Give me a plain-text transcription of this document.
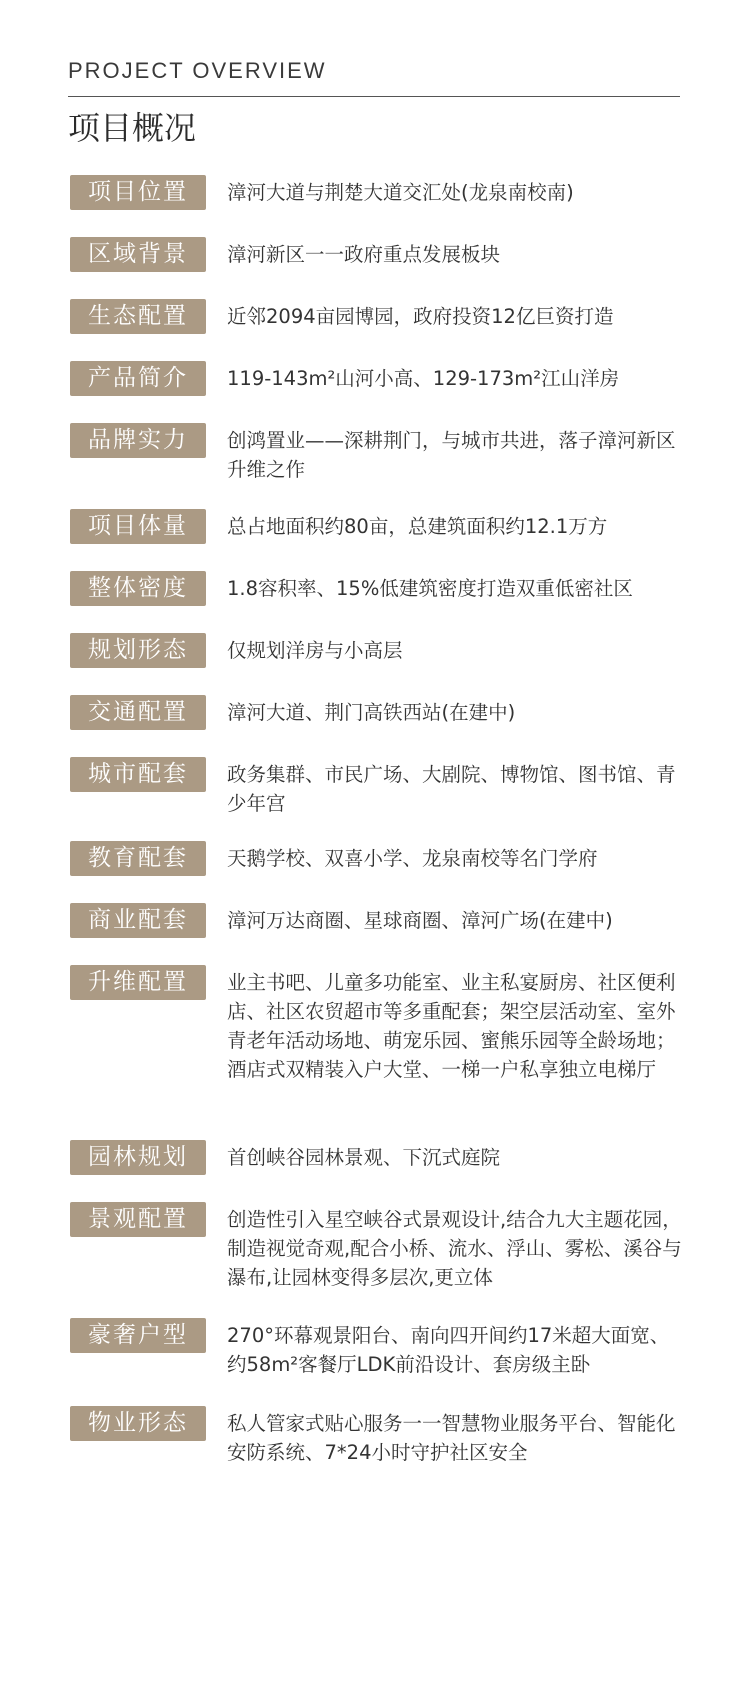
PROJECT OVERVIEW
项目概况
项目位置	漳河大道与荆楚大道交汇处(龙泉南校南)
区域背景	漳河新区一一政府重点发展板块
生态配置	近邻2094亩园博园，政府投资12亿巨资打造
产品简介	119-143m²山河小高、129-173m²江山洋房
品牌实力	创鸿置业——深耕荆门，与城市共进，落子漳河新区升维之作
项目体量	总占地面积约80亩，总建筑面积约12.1万方
整体密度	1.8容积率、15%低建筑密度打造双重低密社区
规划形态	仅规划洋房与小高层
交通配置	漳河大道、荆门高铁西站(在建中)
城市配套	政务集群、市民广场、大剧院、博物馆、图书馆、青少年宫
教育配套	天鹅学校、双喜小学、龙泉南校等名门学府
商业配套	漳河万达商圈、星球商圈、漳河广场(在建中)
升维配置	业主书吧、儿童多功能室、业主私宴厨房、社区便利店、社区农贸超市等多重配套；架空层活动室、室外青老年活动场地、萌宠乐园、蜜熊乐园等全龄场地；酒店式双精装入户大堂、一梯一户私享独立电梯厅
园林规划	首创峡谷园林景观、下沉式庭院
景观配置	创造性引入星空峡谷式景观设计,结合九大主题花园，制造视觉奇观,配合小桥、流水、浮山、雾松、溪谷与瀑布,让园林变得多层次,更立体
豪奢户型	270°环幕观景阳台、南向四开间约17米超大面宽、约58m²客餐厅LDK前沿设计、套房级主卧
物业形态	私人管家式贴心服务一一智慧物业服务平台、智能化安防系统、7*24小时守护社区安全
